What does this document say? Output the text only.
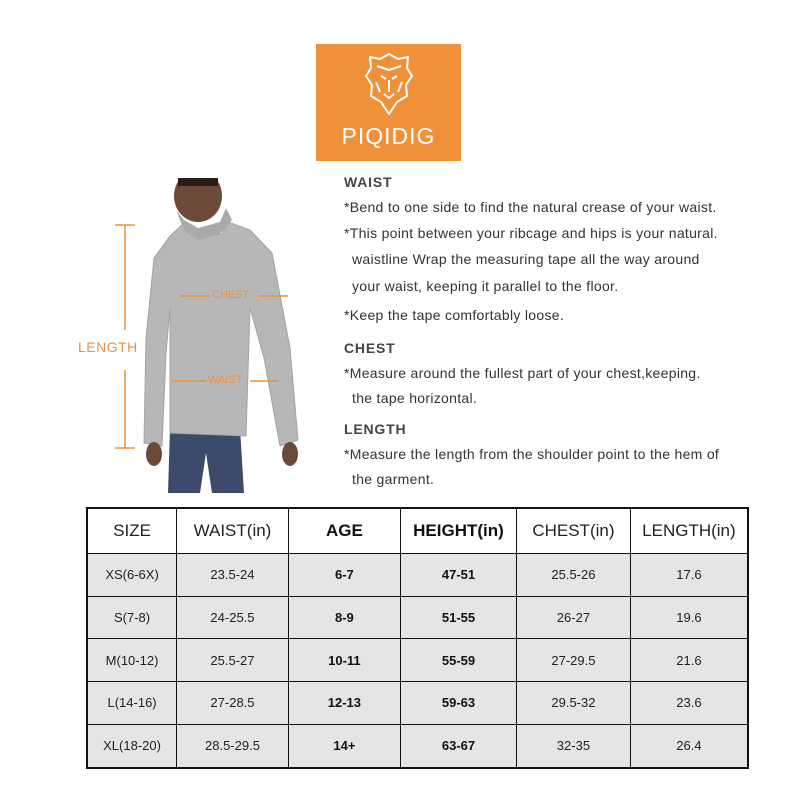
PIQIDIG
LENGTH
CHEST
WAIST
WAIST
*Bend to one side to find the natural crease of your waist.
*This point between your ribcage and hips is your natural.
waistline Wrap the measuring tape all the way around
your waist, keeping it parallel to the floor.
*Keep the tape comfortably loose.
CHEST
*Measure around the fullest part of your chest,keeping.
the tape horizontal.
LENGTH
*Measure the length from the shoulder point to the hem of
the garment.
SIZE	WAIST(in)	AGE	HEIGHT(in)	CHEST(in)	LENGTH(in)
XS(6-6X)	23.5-24	6-7	47-51	25.5-26	17.6
S(7-8)	24-25.5	8-9	51-55	26-27	19.6
M(10-12)	25.5-27	10-11	55-59	27-29.5	21.6
L(14-16)	27-28.5	12-13	59-63	29.5-32	23.6
XL(18-20)	28.5-29.5	14+	63-67	32-35	26.4
